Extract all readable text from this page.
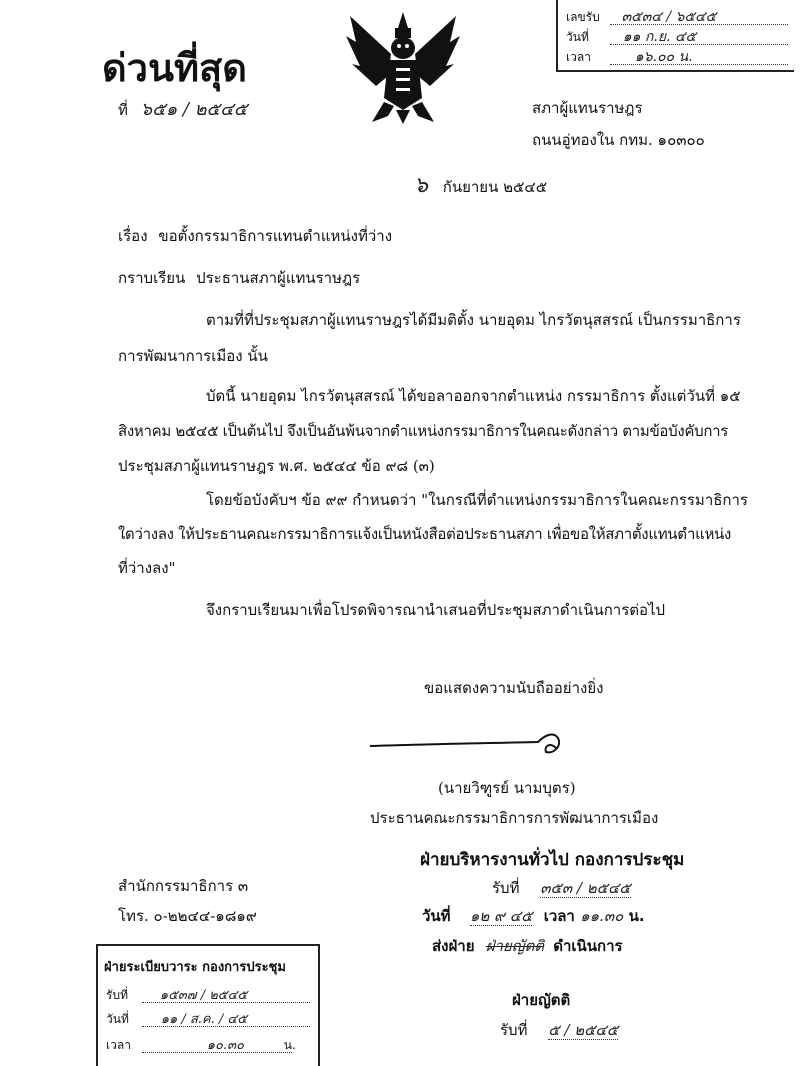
ด่วนที่สุด
ที่ ๖๕๑ / ๒๕๔๕
เลขรับ ๓๕๓๔ / ๖๕๔๕
วันที่ ๑๑ ก.ย. ๔๕
เวลา	๑๖.๐๐ น.
สภาผู้แทนราษฎร
ถนนอู่ทองใน กทม. ๑๐๓๐๐
๖ กันยายน ๒๕๔๕
เรื่อง ขอตั้งกรรมาธิการแทนตำแหน่งที่ว่าง
กราบเรียน ประธานสภาผู้แทนราษฎร
ตามที่ที่ประชุมสภาผู้แทนราษฎรได้มีมติตั้ง นายอุดม ไกรวัตนุสสรณ์ เป็นกรรมาธิการ
การพัฒนาการเมือง นั้น
บัดนี้ นายอุดม ไกรวัตนุสสรณ์ ได้ขอลาออกจากตำแหน่ง กรรมาธิการ ตั้งแต่วันที่ ๑๕
สิงหาคม ๒๕๔๕ เป็นต้นไป จึงเป็นอันพ้นจากตำแหน่งกรรมาธิการในคณะดังกล่าว ตามข้อบังคับการ
ประชุมสภาผู้แทนราษฎร พ.ศ. ๒๕๔๔ ข้อ ๙๘ (๓)
โดยข้อบังคับฯ ข้อ ๙๙ กำหนดว่า "ในกรณีที่ตำแหน่งกรรมาธิการในคณะกรรมาธิการ
ใดว่างลง ให้ประธานคณะกรรมาธิการแจ้งเป็นหนังสือต่อประธานสภา เพื่อขอให้สภาตั้งแทนตำแหน่ง
ที่ว่างลง"
จึงกราบเรียนมาเพื่อโปรดพิจารณานำเสนอที่ประชุมสภาดำเนินการต่อไป
ขอแสดงความนับถืออย่างยิ่ง
(นายวิฑูรย์ นามบุตร)
ประธานคณะกรรมาธิการการพัฒนาการเมือง
สำนักกรรมาธิการ ๓
โทร. ๐-๒๒๔๔-๑๘๑๙
ฝ่ายบริหารงานทั่วไป กองการประชุม
รับที่ ๓๕๓ / ๒๕๔๕
วันที่ ๑๒ ๙ ๔๕ เวลา ๑๑.๓๐ น.
ส่งฝ่าย ฝ่ายญัตติ ดำเนินการ
ฝ่ายญัตติ
รับที่ ๕ / ๒๕๔๕
ฝ่ายระเบียบวาระ กองการประชุม
รับที่ ๑๕๓๗ / ๒๕๔๕
วันที่ ๑๑ / ส.ค. / ๔๕
เวลา	๑๐.๓๐	น.
